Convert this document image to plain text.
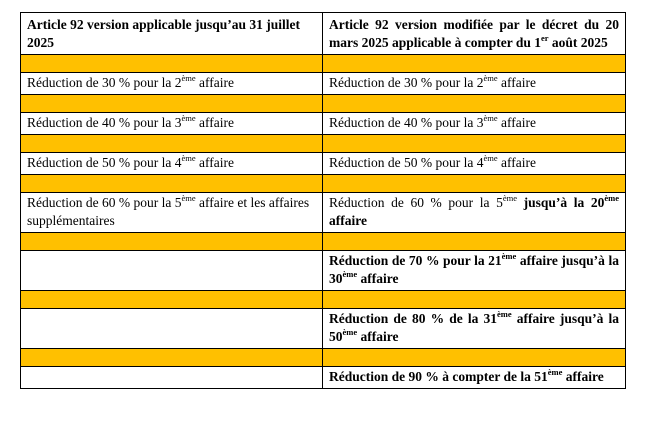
Article 92 version applicable jusqu’au 31 juillet 2025	Article 92 version modifiée par le décret du 20 mars 2025 applicable à compter du 1er août 2025

Réduction de 30 % pour la 2ème affaire	Réduction de 30 % pour la 2ème affaire

Réduction de 40 % pour la 3ème affaire	Réduction de 40 % pour la 3ème affaire

Réduction de 50 % pour la 4ème affaire	Réduction de 50 % pour la 4ème affaire

Réduction de 60 % pour la 5ème affaire et les affaires supplémentaires	Réduction de 60 % pour la 5ème jusqu’à la 20ème affaire

	Réduction de 70 % pour la 21ème affaire jusqu’à la 30ème affaire

	Réduction de 80 % de la 31ème affaire jusqu’à la 50ème affaire

	Réduction de 90 % à compter de la 51ème affaire
